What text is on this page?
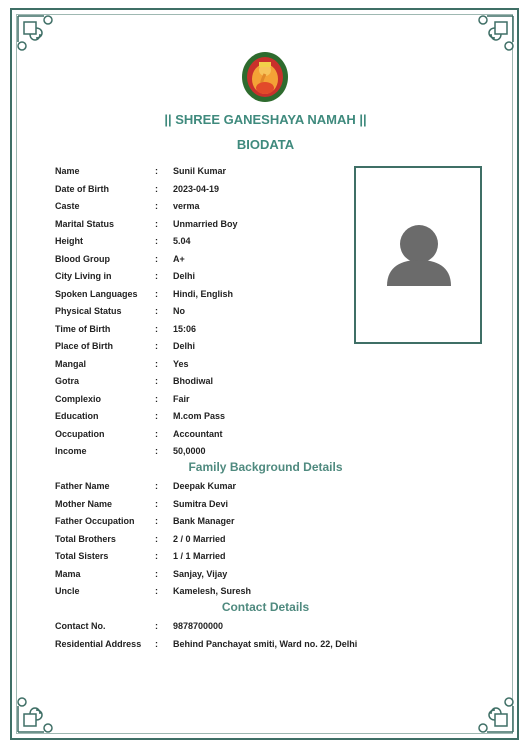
|| SHREE GANESHAYA NAMAH ||
BIODATA
Name	: Sunil Kumar
Date of Birth	: 2023-04-19
Caste	: verma
Marital Status	: Unmarried Boy
Height	: 5.04
Blood Group	: A+
City Living in	: Delhi
Spoken Languages : Hindi, English
Physical Status	: No
Time of Birth	: 15:06
Place of Birth	: Delhi
Mangal	: Yes
Gotra	: Bhodiwal
Complexio	: Fair
Education	: M.com Pass
Occupation	: Accountant
Income	: 50,0000
Father Name	: Deepak Kumar
Mother Name	: Sumitra Devi
Father Occupation : Bank Manager
Total Brothers	: 2 / 0 Married
Total Sisters	: 1 / 1 Married
Mama	: Sanjay, Vijay
Uncle	: Kamelesh, Suresh
Contact No.	: 9878700000
Residential Address : Behind Panchayat smiti, Ward no. 22, Delhi
Family Background Details
Contact Details
